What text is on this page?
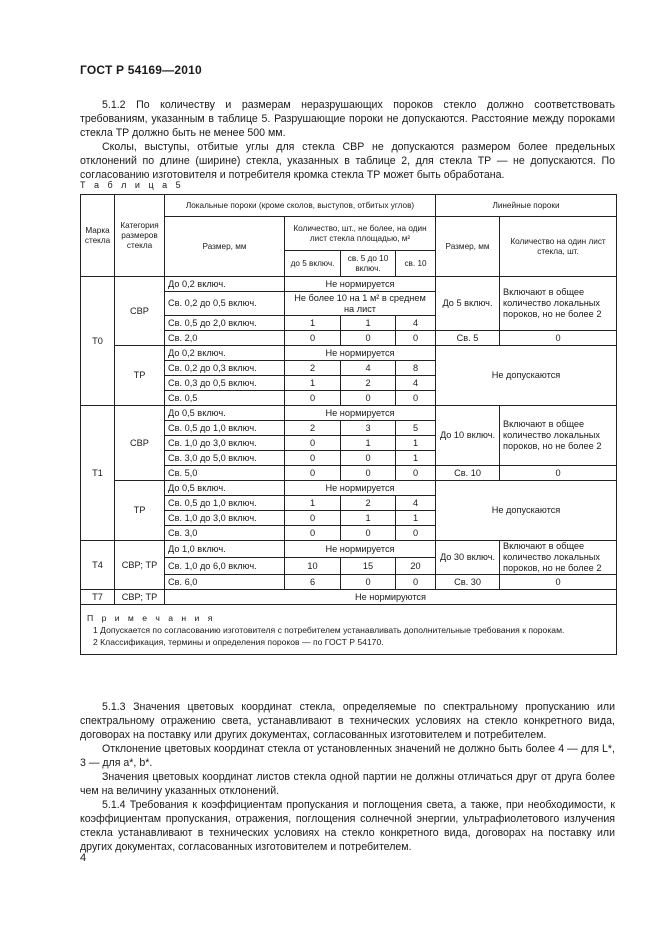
ГОСТ Р 54169—2010
5.1.2 По количеству и размерам неразрушающих пороков стекло должно соответствовать требованиям, указанным в таблице 5. Разрушающие пороки не допускаются. Расстояние между пороками стекла ТР должно быть не менее 500 мм.
Сколы, выступы, отбитые углы для стекла СВР не допускаются размером более предельных отклонений по длине (ширине) стекла, указанных в таблице 2, для стекла ТР — не допускаются. По согласованию изготовителя и потребителя кромка стекла ТР может быть обработана.
Т а б л и ц а 5
Марка стекла	Категория размеров стекла	Локальные пороки (кроме сколов, выступов, отбитых углов)				Линейные пороки	
		Размер, мм	Количество, шт., не более, на один лист стекла площадью, м²			Размер, мм	Количество на один лист стекла, шт.
			до 5 включ.	св. 5 до 10 включ.	св. 10		
Т0	СВР	До 0,2 включ.	Не нормируется			До 5 включ.	Включают в общее количество локальных пороков, но не более 2
		Св. 0,2 до 0,5 включ.	Не более 10 на 1 м² в среднем на лист				
		Св. 0,5 до 2,0 включ.	1	1	4		
		Св. 2,0	0	0	0	Св. 5	0
	ТР	До 0,2 включ.	Не нормируется			Не допускаются	
		Св. 0,2 до 0,3 включ.	2	4	8		
		Св. 0,3 до 0,5 включ.	1	2	4		
		Св. 0,5	0	0	0		
Т1	СВР	До 0,5 включ.	Не нормируется			До 10 включ.	Включают в общее количество локальных пороков, но не более 2
		Св. 0,5 до 1,0 включ.	2	3	5		
		Св. 1,0 до 3,0 включ.	0	1	1		
		Св. 3,0 до 5,0 включ.	0	0	1		
		Св. 5,0	0	0	0	Св. 10	0
	ТР	До 0,5 включ.	Не нормируется			Не допускаются	
		Св. 0,5 до 1,0 включ.	1	2	4		
		Св. 1,0 до 3,0 включ.	0	1	1		
		Св. 3,0	0	0	0		
Т4	СВР; ТР	До 1,0 включ.	Не нормируется			До 30 включ.	Включают в общее количество локальных пороков, но не более 2
		Св. 1,0 до 6,0 включ.	10	15	20		
		Св. 6,0	6	0	0	Св. 30	0
Т7	СВР; ТР	Не нормируются					

П р и м е ч а н и я
1 Допускается по согласованию изготовителя с потребителем устанавливать дополнительные требования к порокам.
2 Классификация, термины и определения пороков — по ГОСТ Р 54170.							
5.1.3 Значения цветовых координат стекла, определяемые по спектральному пропусканию или спектральному отражению света, устанавливают в технических условиях на стекло конкретного вида, договорах на поставку или других документах, согласованных изготовителем и потребителем.
Отклонение цветовых координат стекла от установленных значений не должно быть более 4 — для L*, 3 — для a*, b*.
Значения цветовых координат листов стекла одной партии не должны отличаться друг от друга более чем на величину указанных отклонений.
5.1.4 Требования к коэффициентам пропускания и поглощения света, а также, при необходимости, к коэффициентам пропускания, отражения, поглощения солнечной энергии, ультрафиолетового излучения стекла устанавливают в технических условиях на стекло конкретного вида, договорах на поставку или других документах, согласованных изготовителем и потребителем.
4
